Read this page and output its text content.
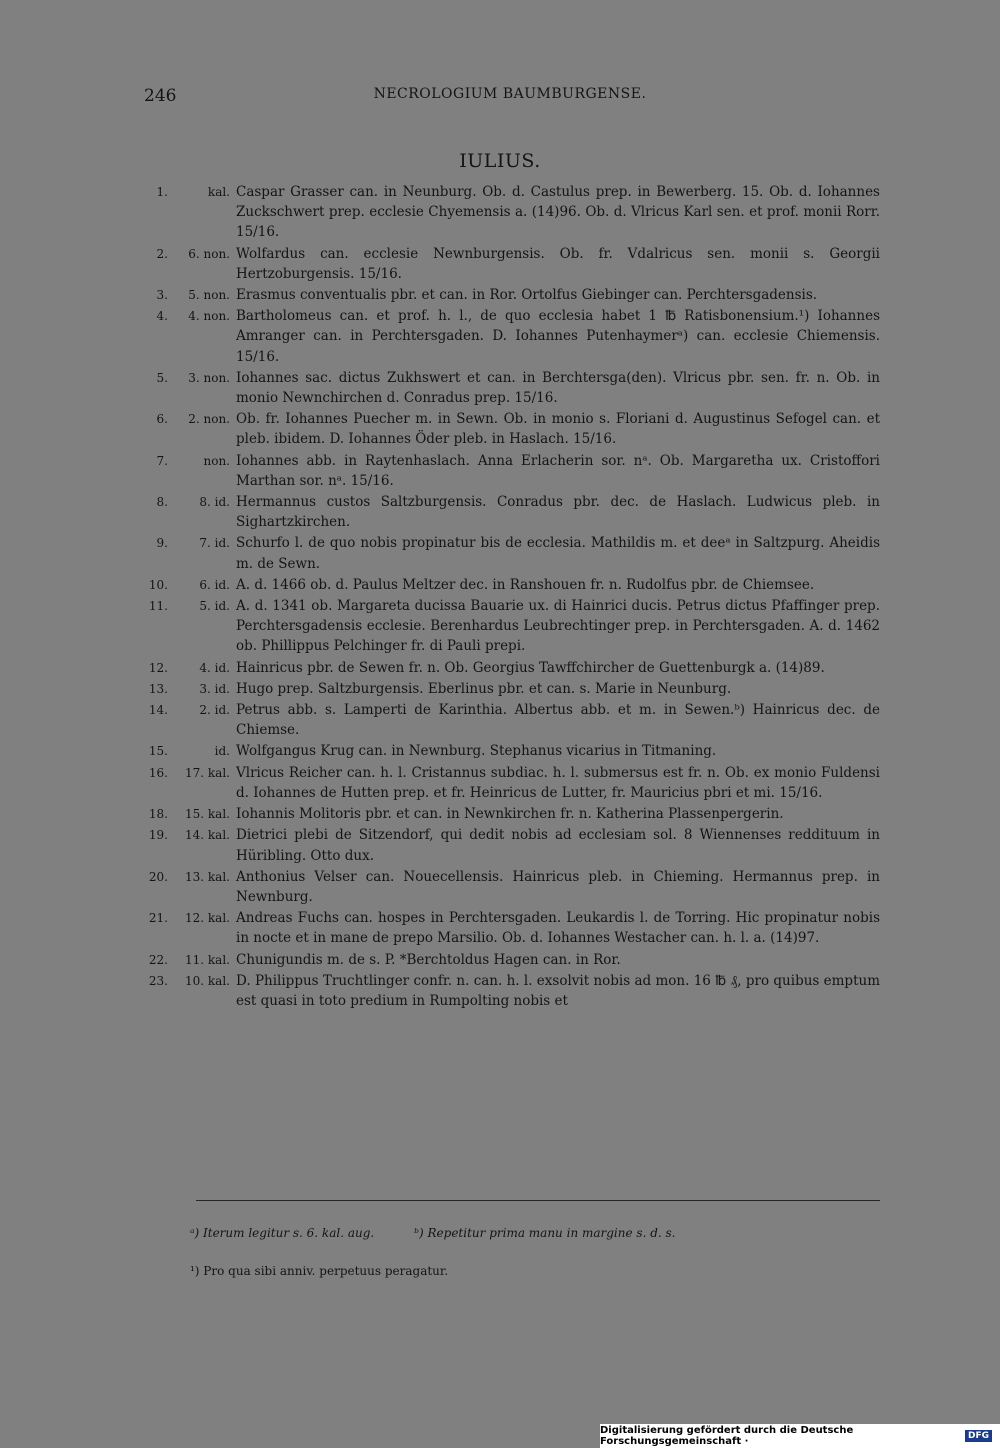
246	NECROLOGIUM BAUMBURGENSE.
IULIUS.
1.	kal. Caspar Grasser can. in Neunburg. Ob. d. Castulus prep. in Bewerberg. 15. Ob. d. Iohannes Zuckschwert prep. ecclesie Chyemensis a. (14)96. Ob. d. Vlricus Karl sen. et prof. monii Rorr. 15/16.
2.	6. non. Wolfardus can. ecclesie Newnburgensis. Ob. fr. Vdalricus sen. monii s. Georgii Hertzoburgensis. 15/16.
3.	5. non. Erasmus conventualis pbr. et can. in Ror. Ortolfus Giebinger can. Perchtersgadensis.
4.	4. non. Bartholomeus can. et prof. h. l., de quo ecclesia habet 1 ℔ Ratisbonensium.¹) Iohannes Amranger can. in Perchtersgaden. D. Iohannes Putenhaymerᵃ) can. ecclesie Chiemensis. 15/16.
5.	3. non. Iohannes sac. dictus Zukhswert et can. in Berchtersga(den). Vlricus pbr. sen. fr. n. Ob. in monio Newnchirchen d. Conradus prep. 15/16.
6.	2. non. Ob. fr. Iohannes Puecher m. in Sewn. Ob. in monio s. Floriani d. Augustinus Sefogel can. et pleb. ibidem. D. Iohannes Öder pleb. in Haslach. 15/16.
7.	non. Iohannes abb. in Raytenhaslach. Anna Erlacherin sor. nᵃ. Ob. Margaretha ux. Cristoffori Marthan sor. nᵃ. 15/16.
8.	8. id. Hermannus custos Saltzburgensis. Conradus pbr. dec. de Haslach. Ludwicus pleb. in Sighartzkirchen.
9.	7. id. Schurfo l. de quo nobis propinatur bis de ecclesia. Mathildis m. et deeᵃ in Saltzpurg. Aheidis m. de Sewn.
10.	6. id. A. d. 1466 ob. d. Paulus Meltzer dec. in Ranshouen fr. n. Rudolfus pbr. de Chiemsee.
11.	5. id. A. d. 1341 ob. Margareta ducissa Bauarie ux. di Hainrici ducis. Petrus dictus Pfaffinger prep. Perchtersgadensis ecclesie. Berenhardus Leubrechtinger prep. in Perchtersgaden. A. d. 1462 ob. Phillippus Pelchinger fr. di Pauli prepi.
12.	4. id. Hainricus pbr. de Sewen fr. n. Ob. Georgius Tawffchircher de Guettenburgk a. (14)89.
13.	3. id. Hugo prep. Saltzburgensis. Eberlinus pbr. et can. s. Marie in Neunburg.
14.	2. id. Petrus abb. s. Lamperti de Karinthia. Albertus abb. et m. in Sewen.ᵇ) Hainricus dec. de Chiemse.
15.	id. Wolfgangus Krug can. in Newnburg. Stephanus vicarius in Titmaning.
16.	17. kal. Vlricus Reicher can. h. l. Cristannus subdiac. h. l. submersus est fr. n. Ob. ex monio Fuldensi d. Iohannes de Hutten prep. et fr. Heinricus de Lutter, fr. Mauricius pbri et mi. 15/16.
18.	15. kal. Iohannis Molitoris pbr. et can. in Newnkirchen fr. n. Katherina Plassenpergerin.
19.	14. kal. Dietrici plebi de Sitzendorf, qui dedit nobis ad ecclesiam sol. 8 Wiennenses reddituum in Hüribling. Otto dux.
20.	13. kal. Anthonius Velser can. Nouecellensis. Hainricus pleb. in Chieming. Hermannus prep. in Newnburg.
21.	12. kal. Andreas Fuchs can. hospes in Perchtersgaden. Leukardis l. de Torring. Hic propinatur nobis in nocte et in mane de prepo Marsilio. Ob. d. Iohannes Westacher can. h. l. a. (14)97.
22.	11. kal. Chunigundis m. de s. P. *Berchtoldus Hagen can. in Ror.
23.	10. kal. D. Philippus Truchtlinger confr. n. can. h. l. exsolvit nobis ad mon. 16 ℔ ₰, pro quibus emptum est quasi in toto predium in Rumpolting nobis et
ᵃ) Iterum legitur s. 6. kal. aug.	ᵇ) Repetitur prima manu in margine s. d. s.
¹) Pro qua sibi anniv. perpetuus peragatur.
Digitalisierung gefördert durch die Deutsche Forschungsgemeinschaft ·	DFG
